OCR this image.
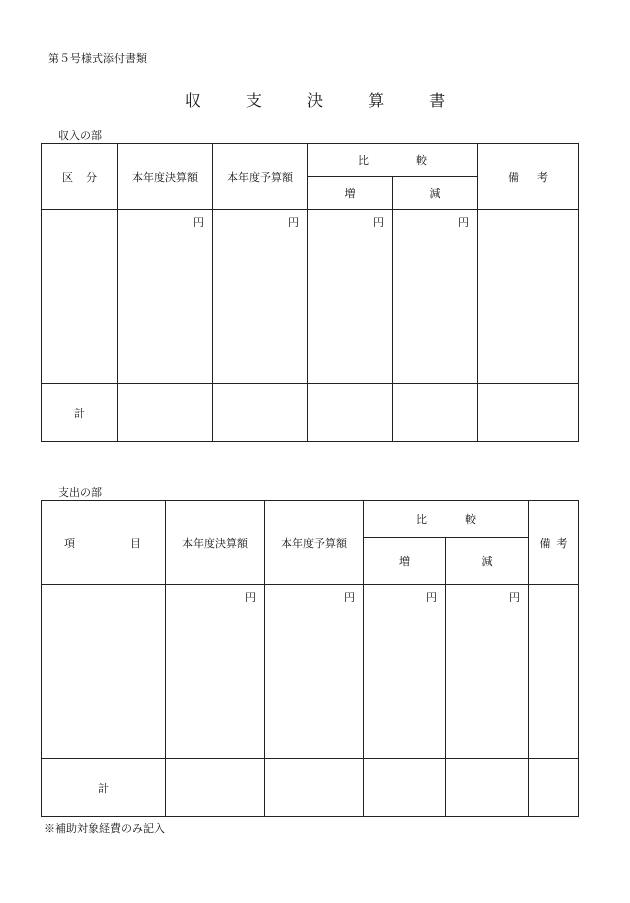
第５号様式添付書類
収 支 決 算 書
収入の部
区 分	本年度決算額	本年度予算額	比 較		備 考

			増	減	
	円	円	円	円	
計					
支出の部
項 目	本年度決算額	本年度予算額	比 較		備 考
			増	減	
	円	円	円	円	
計					
※補助対象経費のみ記入
